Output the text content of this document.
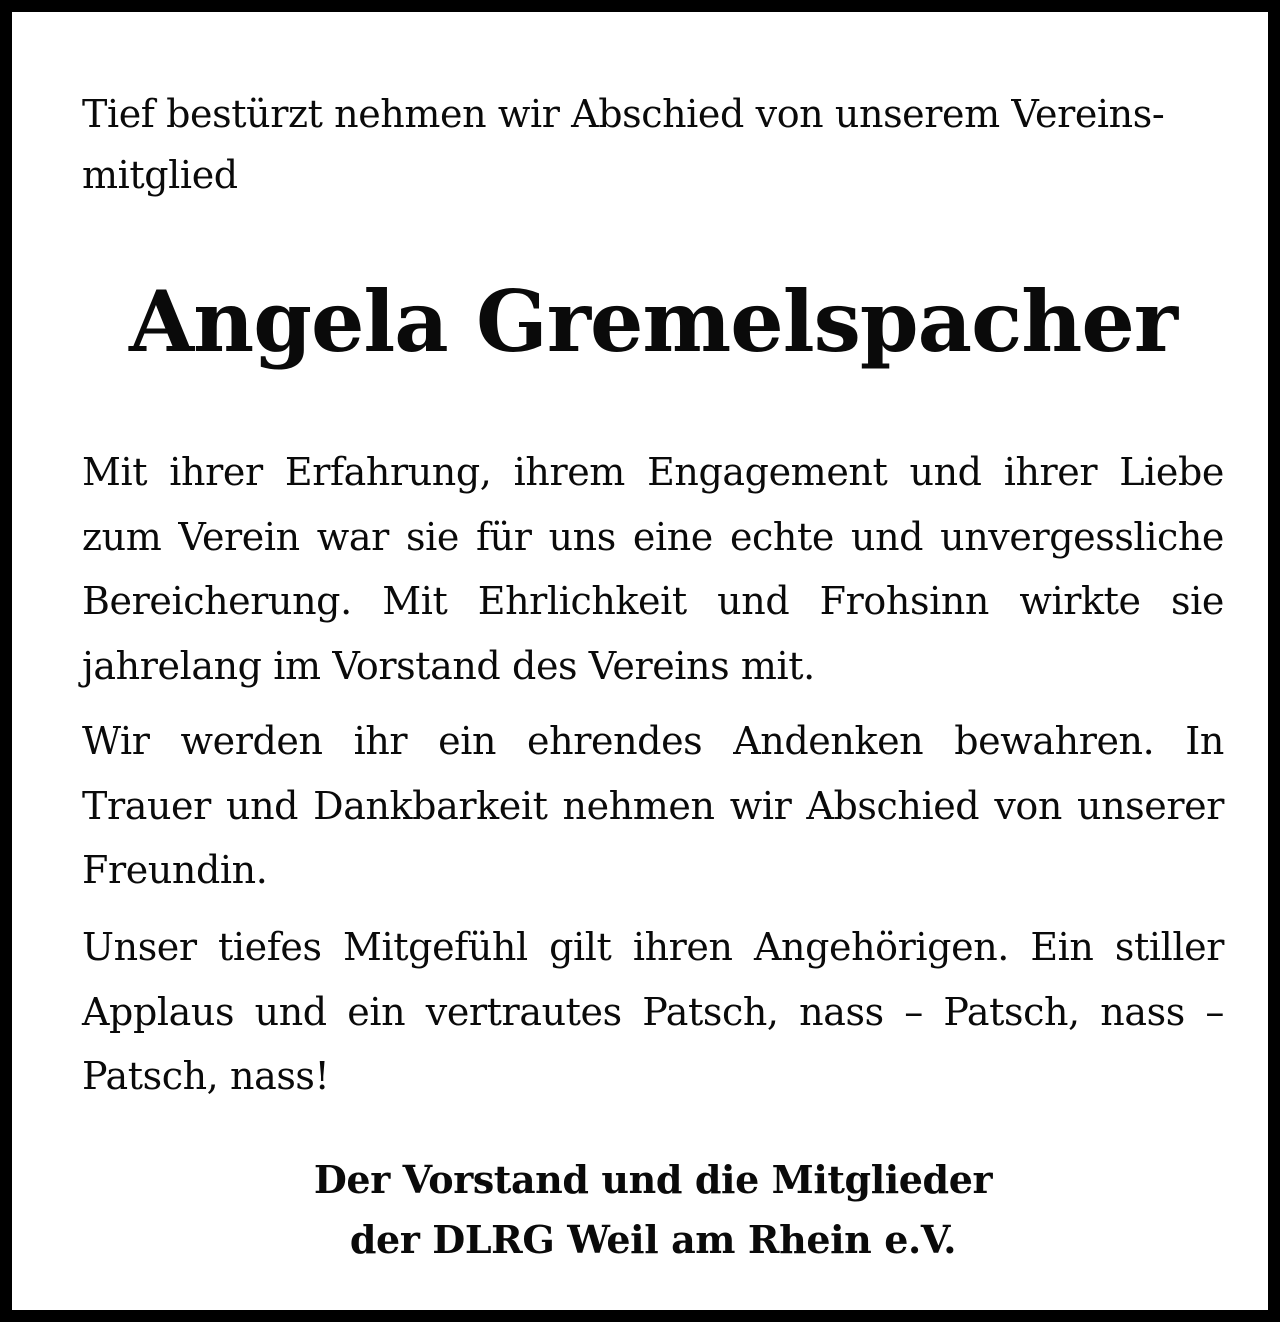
Tief bestürzt nehmen wir Abschied von unserem Vereins-
mitglied

Angela Gremelspacher

Mit ihrer Erfahrung, ihrem Engagement und ihrer Liebe zum Verein war sie für uns eine echte und unvergessliche Bereicherung. Mit Ehrlichkeit und Frohsinn wirkte sie jahrelang im Vorstand des Vereins mit.

Wir werden ihr ein ehrendes Andenken bewahren. In Trauer und Dankbarkeit nehmen wir Abschied von unserer Freundin.

Unser tiefes Mitgefühl gilt ihren Angehörigen. Ein stiller Applaus und ein vertrautes Patsch, nass – Patsch, nass – Patsch, nass!

Der Vorstand und die Mitglieder
der DLRG Weil am Rhein e.V.
